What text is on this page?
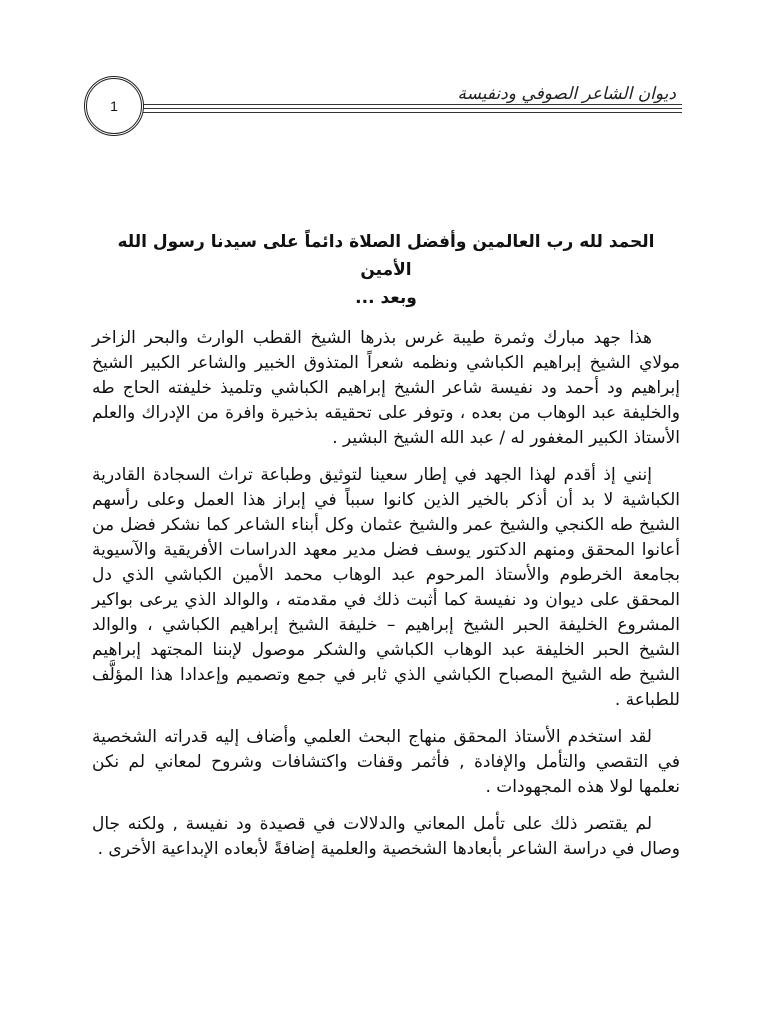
ديوان الشاعر الصوفي ودنفيسة
1
الحمد لله رب العالمين وأفضل الصلاة دائماً على سيدنا رسول الله الأمين
وبعد ...

هذا جهد مبارك وثمرة طيبة غرس بذرها الشيخ القطب الوارث والبحر الزاخر مولاي الشيخ إبراهيم الكباشي ونظمه شعراً المتذوق الخبير والشاعر الكبير الشيخ إبراهيم ود أحمد ود نفيسة شاعر الشيخ إبراهيم الكباشي وتلميذ خليفته الحاج طه والخليفة عبد الوهاب من بعده ، وتوفر على تحقيقه بذخيرة وافرة من الإدراك والعلم الأستاذ الكبير المغفور له / عبد الله الشيخ البشير .

إنني إذ أقدم لهذا الجهد في إطار سعينا لتوثيق وطباعة تراث السجادة القادرية الكباشية لا بد أن أذكر بالخير الذين كانوا سبباً في إبراز هذا العمل وعلى رأسهم الشيخ طه الكنجي والشيخ عمر والشيخ عثمان وكل أبناء الشاعر كما نشكر فضل من أعانوا المحقق ومنهم الدكتور يوسف فضل مدير معهد الدراسات الأفريقية والآسيوية بجامعة الخرطوم والأستاذ المرحوم عبد الوهاب محمد الأمين الكباشي الذي دل المحقق على ديوان ود نفيسة كما أثبت ذلك في مقدمته ، والوالد الذي يرعى بواكير المشروع الخليفة الحبر الشيخ إبراهيم – خليفة الشيخ إبراهيم الكباشي ، والوالد الشيخ الحبر الخليفة عبد الوهاب الكباشي والشكر موصول لإبننا المجتهد إبراهيم الشيخ طه الشيخ المصباح الكباشي الذي ثابر في جمع وتصميم وإعدادا هذا المؤلَّف للطباعة .

لقد استخدم الأستاذ المحقق منهاج البحث العلمي وأضاف إليه قدراته الشخصية في التقصي والتأمل والإفادة , فأثمر وقفات واكتشافات وشروح لمعاني لم نكن نعلمها لولا هذه المجهودات .

لم يقتصر ذلك على تأمل المعاني والدلالات في قصيدة ود نفيسة , ولكنه جال وصال في دراسة الشاعر بأبعادها الشخصية والعلمية إضافةً لأبعاده الإبداعية الأخرى .
